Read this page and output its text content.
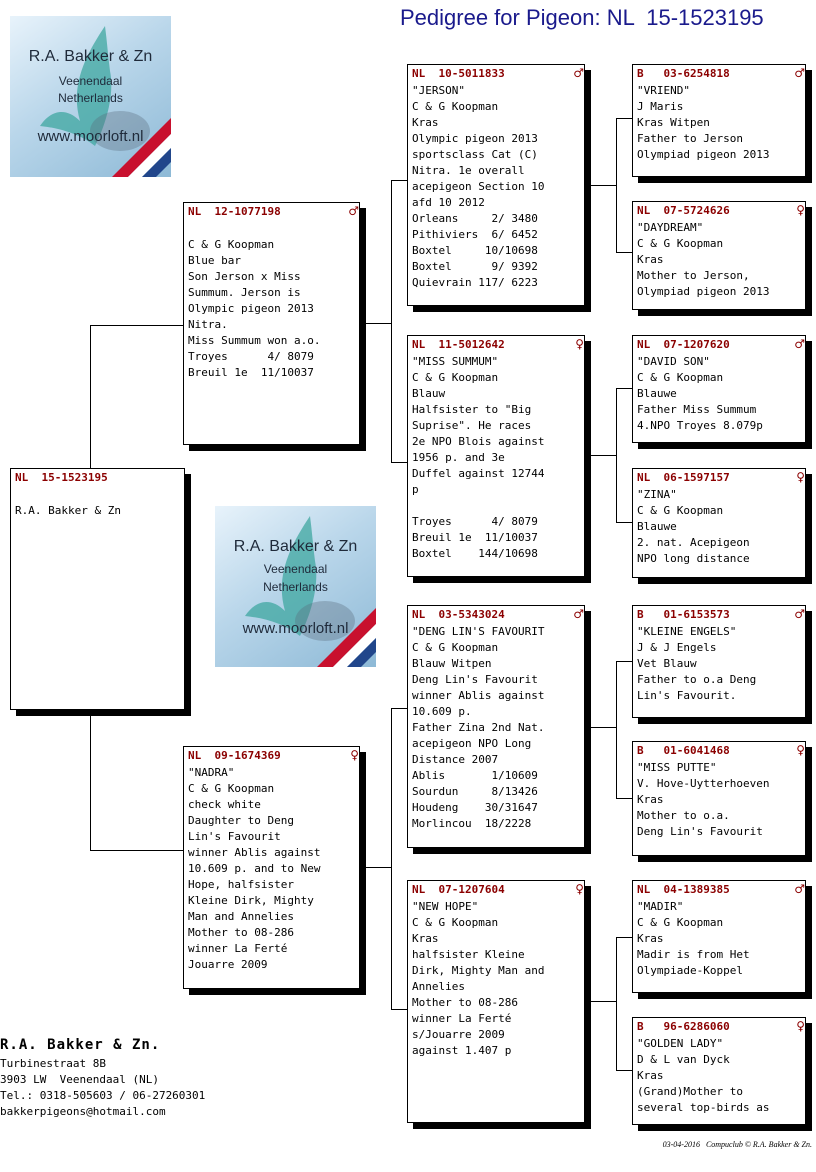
Pedigree for Pigeon: NL  15-1523195
R.A. Bakker & Zn
Veenendaal
Netherlands
www.moorloft.nl
R.A. Bakker & Zn
Veenendaal
Netherlands
www.moorloft.nl
NL  15-1523195
R.A. Bakker & Zn
NL  12-1077198	♂
C & G Koopman
Blue bar
Son Jerson x Miss
Summum. Jerson is
Olympic pigeon 2013
Nitra.
Miss Summum won a.o.
Troyes      4/ 8079
Breuil 1e  11/10037
NL  09-1674369	♀
"NADRA"
C & G Koopman
check white
Daughter to Deng
Lin's Favourit
winner Ablis against
10.609 p. and to New
Hope, halfsister
Kleine Dirk, Mighty
Man and Annelies
Mother to 08-286
winner La Ferté
Jouarre 2009
NL  10-5011833	♂
"JERSON"
C & G Koopman
Kras
Olympic pigeon 2013
sportsclass Cat (C)
Nitra. 1e overall
acepigeon Section 10
afd 10 2012
Orleans     2/ 3480
Pithiviers  6/ 6452
Boxtel     10/10698
Boxtel      9/ 9392
Quievrain 117/ 6223
NL  11-5012642	♀
"MISS SUMMUM"
C & G Koopman
Blauw
Halfsister to "Big
Suprise". He races
2e NPO Blois against
1956 p. and 3e
Duffel against 12744
p
Troyes      4/ 8079
Breuil 1e  11/10037
Boxtel    144/10698
NL  03-5343024	♂
"DENG LIN'S FAVOURIT
C & G Koopman
Blauw Witpen
Deng Lin's Favourit
winner Ablis against
10.609 p.
Father Zina 2nd Nat.
acepigeon NPO Long
Distance 2007
Ablis       1/10609
Sourdun     8/13426
Houdeng    30/31647
Morlincou  18/2228
NL  07-1207604	♀
"NEW HOPE"
C & G Koopman
Kras
halfsister Kleine
Dirk, Mighty Man and
Annelies
Mother to 08-286
winner La Ferté
s/Jouarre 2009
against 1.407 p
B   03-6254818	♂
"VRIEND"
J Maris
Kras Witpen
Father to Jerson
Olympiad pigeon 2013
NL  07-5724626	♀
"DAYDREAM"
C & G Koopman
Kras
Mother to Jerson,
Olympiad pigeon 2013
NL  07-1207620	♂
"DAVID SON"
C & G Koopman
Blauwe
Father Miss Summum
4.NPO Troyes 8.079p
NL  06-1597157	♀
"ZINA"
C & G Koopman
Blauwe
2. nat. Acepigeon
NPO long distance
B   01-6153573	♂
"KLEINE ENGELS"
J & J Engels
Vet Blauw
Father to o.a Deng
Lin's Favourit.
B   01-6041468	♀
"MISS PUTTE"
V. Hove-Uytterhoeven
Kras
Mother to o.a.
Deng Lin's Favourit
NL  04-1389385	♂
"MADIR"
C & G Koopman
Kras
Madir is from Het
Olympiade-Koppel
B   96-6286060	♀
"GOLDEN LADY"
D & L van Dyck
Kras
(Grand)Mother to
several top-birds as
R.A. Bakker & Zn.
Turbinestraat 8B
3903 LW  Veenendaal (NL)
Tel.: 0318-505603 / 06-27260301
bakkerpigeons@hotmail.com
03-04-2016   Compuclub © R.A. Bakker & Zn.
